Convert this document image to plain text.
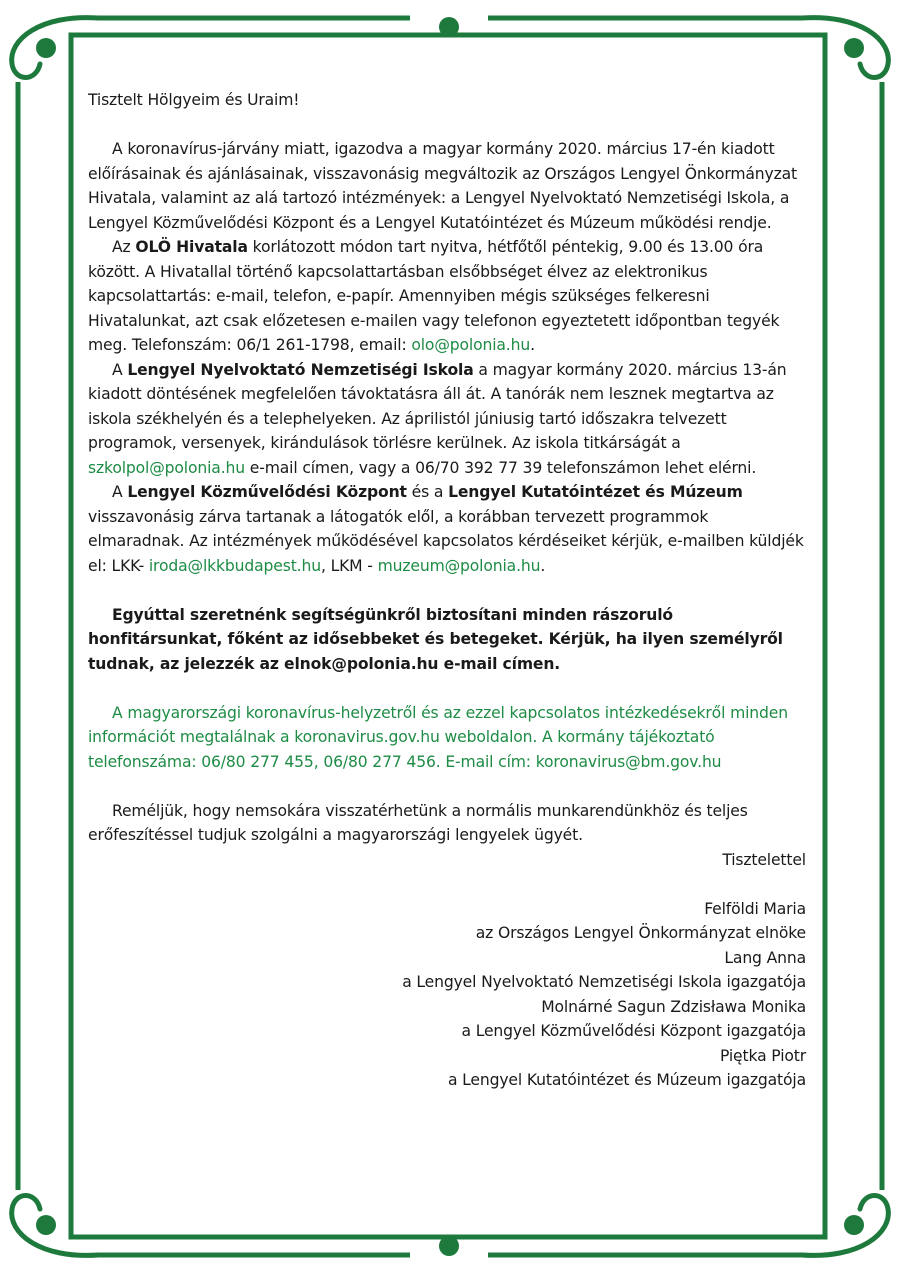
Tisztelt Hölgyeim és Uraim!

A koronavírus-járvány miatt, igazodva a magyar kormány 2020. március 17-én kiadott előírásainak és ajánlásainak, visszavonásig megváltozik az Országos Lengyel Önkormányzat Hivatala, valamint az alá tartozó intézmények: a Lengyel Nyelvoktató Nemzetiségi Iskola, a Lengyel Közművelődési Központ és a Lengyel Kutatóintézet és Múzeum működési rendje.

Az OLÖ Hivatala korlátozott módon tart nyitva, hétfőtől péntekig, 9.00 és 13.00 óra között. A Hivatallal történő kapcsolattartásban elsőbbséget élvez az elektronikus kapcsolattartás: e-mail, telefon, e-papír. Amennyiben mégis szükséges felkeresni Hivatalunkat, azt csak előzetesen e-mailen vagy telefonon egyeztetett időpontban tegyék meg. Telefonszám: 06/1 261-1798, email: olo@polonia.hu.

A Lengyel Nyelvoktató Nemzetiségi Iskola a magyar kormány 2020. március 13-án kiadott döntésének megfelelően távoktatásra áll át. A tanórák nem lesznek megtartva az iskola székhelyén és a telephelyeken. Az áprilistól júniusig tartó időszakra telvezett programok, versenyek, kirándulások törlésre kerülnek. Az iskola titkárságát a szkolpol@polonia.hu e-mail címen, vagy a 06/70 392 77 39 telefonszámon lehet elérni.

A Lengyel Közművelődési Központ és a Lengyel Kutatóintézet és Múzeum visszavonásig zárva tartanak a látogatók elől, a korábban tervezett programmok elmaradnak. Az intézmények működésével kapcsolatos kérdéseiket kérjük, e-mailben küldjék el: LKK- iroda@lkkbudapest.hu, LKM - muzeum@polonia.hu.

Egyúttal szeretnénk segítségünkről biztosítani minden rászoruló honfitársunkat, főként az idősebbeket és betegeket. Kérjük, ha ilyen személyről tudnak, az jelezzék az elnok@polonia.hu e-mail címen.

A magyarországi koronavírus-helyzetről és az ezzel kapcsolatos intézkedésekről minden információt megtalálnak a koronavirus.gov.hu weboldalon. A kormány tájékoztató telefonszáma: 06/80 277 455, 06/80 277 456. E-mail cím: koronavirus@bm.gov.hu

Reméljük, hogy nemsokára visszatérhetünk a normális munkarendünkhöz és teljes erőfeszítéssel tudjuk szolgálni a magyarországi lengyelek ügyét.

Tisztelettel

Felföldi Maria

az Országos Lengyel Önkormányzat elnöke

Lang Anna

a Lengyel Nyelvoktató Nemzetiségi Iskola igazgatója

Molnárné Sagun Zdzisława Monika

a Lengyel Közművelődési Központ igazgatója

Piętka Piotr

a Lengyel Kutatóintézet és Múzeum igazgatója
